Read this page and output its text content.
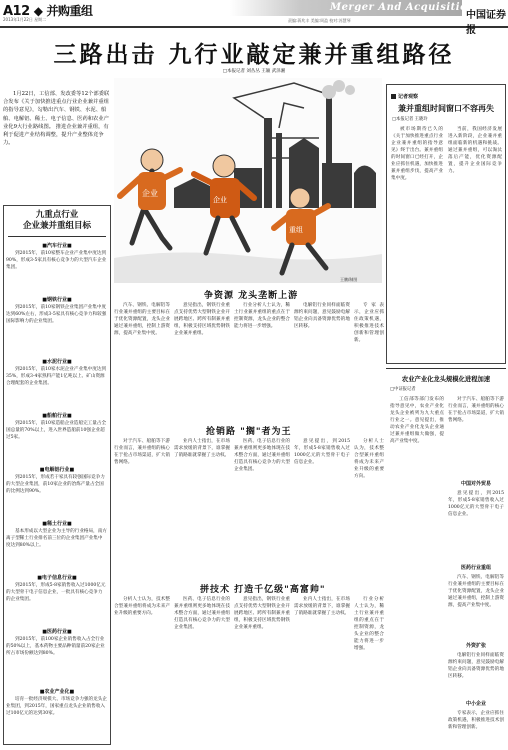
A12 ◆ 并购重组
2013年1月22日 星期二	责编:蒋兆丰 美编:周盈 校对:苏慧琴
Merger And Acquisition
中国证券报
三路出击 九行业敲定兼并重组路径
□本报记者 刘丛丛 王颖 武泽湘
1月22日，工信部、发改委等12个部委联合发布《关于加快推进重点行业企业兼并重组的指导意见》，勾勒出汽车、钢铁、水泥、船舶、电解铝、稀土、电子信息、医药和农业产业化9大行业路线图。 推进企业兼并重组，有利于促进产业结构调整，提升产业整体竞争力。
企业
企业
重组
王鹏/制图
九重点行业
企业兼并重组目标
■汽车行业■
到2015年，前10家整车企业产业集中度达到90%，形成3-5家具有核心竞争力的大型汽车企业集团。
■钢铁行业■
到2015年，前10家钢铁企业集团产业集中度达到60%左右，形成3-5家具有核心竞争力和较强国际影响力的企业集团。
■水泥行业■
到2015年，前10家水泥企业产业集中度达到35%，形成3-4家熟料产能1亿吨以上、矿山资源合理配套的企业集团。
■船舶行业■
到2015年，前10家造船企业造船完工量占全国总量的70%以上，进入世界造船前10强企业超过5家。
■电解铝行业■
到2015年，形成若干家具有较强国际竞争力的大型企业集团，前10家企业的冶炼产量占全国的比例达到90%。
■稀土行业■
基本形成以大型企业为主导的行业格局，南方离子型稀土行业排名前三位的企业集团产业集中度达到80%以上。
■电子信息行业■
到2015年，形成5-8家销售收入过1000亿元的大型骨干电子信息企业，一批具有核心竞争力的企业集团。
■医药行业■
到2015年，前100家企业销售收入占全行业的50%以上，基本药物主要品种销量前20家企业所占市场份额达到80%。
■农业产业化■
培育一批经济规模大、市场竞争力强的龙头企业集团，到2015年，国家重点龙头企业销售收入过100亿元的达到30家。
争资源 龙头垄断上游
汽车、钢铁、电解铝等行业兼并重组的主要目标在于优化资源配置，龙头企业通过兼并重组，控制上游资源，提高产业集中度。
意见指出，钢铁行业重点支持优势大型钢铁企业开展跨地区、跨所有制兼并重组，积极支持区域优势钢铁企业兼并重组。
行业分析人士认为，稀土行业兼并重组的重点在于控制资源，龙头企业的整合能力将进一步增强。
电解铝行业同样面临资源约束问题，意见鼓励电解铝企业向具备资源优势的地区转移。
专家表示，企业应抓住政策机遇，积极推进技术创新和管理创新。
抢销路 "搁"者为王
对于汽车、船舶等下游行业而言，兼并重组的核心在于抢占市场渠道，扩大销售网络。
业内人士指出，在市场需求放缓的背景下，谁掌握了销路谁就掌握了主动权。
医药、电子信息行业的兼并重组则更多地体现在技术整合方面，通过兼并重组打造具有核心竞争力的大型企业集团。
意见提出，到2015年，形成5-8家销售收入过1000亿元的大型骨干电子信息企业。
分析人士认为，技术整合型兼并重组将成为未来产业升级的重要方向。
拼技术 打造千亿级"高富帅"
分析人士认为，技术整合型兼并重组将成为未来产业升级的重要方向。
医药、电子信息行业的兼并重组则更多地体现在技术整合方面，通过兼并重组打造具有核心竞争力的大型企业集团。
意见指出，钢铁行业重点支持优势大型钢铁企业开展跨地区、跨所有制兼并重组，积极支持区域优势钢铁企业兼并重组。
业内人士指出，在市场需求放缓的背景下，谁掌握了销路谁就掌握了主动权。
行业分析人士认为，稀土行业兼并重组的重点在于控制资源，龙头企业的整合能力将进一步增强。
记者观察
兼并重组时间窗口不容再失
□本报记者 王晓玲
被市场期待已久的《关于加快推进重点行业企业兼并重组的指导意见》终于出台。兼并重组的时间窗口已经打开，企业应抓住机遇，加快推进兼并重组步伐，提高产业集中度。
当前，我国经济发展进入新阶段，企业兼并重组面临新的机遇和挑战。通过兼并重组，可以淘汰落后产能，优化资源配置，提升企业国际竞争力。
农业产业化龙头规模化进程加速
□中证报记者
工信部等部门发布的指导意见中，农业产业化龙头企业被列为九大重点行业之一。意见提出，推动农业产业化龙头企业通过兼并重组做大做强，提高产业集中度。
对于汽车、船舶等下游行业而言，兼并重组的核心在于抢占市场渠道，扩大销售网络。
中国对外贸易
意见提出，到2015年，形成5-8家销售收入过1000亿元的大型骨干电子信息企业。
医药行业重组
汽车、钢铁、电解铝等行业兼并重组的主要目标在于优化资源配置，龙头企业通过兼并重组，控制上游资源，提高产业集中度。
外资扩张
电解铝行业同样面临资源约束问题，意见鼓励电解铝企业向具备资源优势的地区转移。
中小企业
专家表示，企业应抓住政策机遇，积极推进技术创新和管理创新。
